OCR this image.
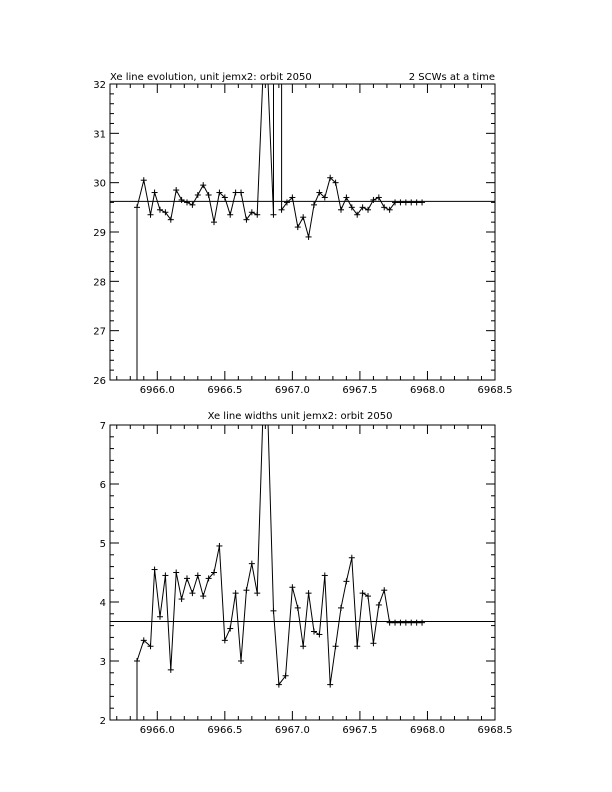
Xe line evolution, unit jemx2: orbit 2050	2 SCWs at a time
6966.0	6966.5	6967.0	6967.5	6968.0	6968.5
26
27
28
29
30
31
32
Xe line widths unit jemx2: orbit 2050
6966.0	6966.5	6967.0	6967.5	6968.0	6968.5
2
3
4
5
6
7
